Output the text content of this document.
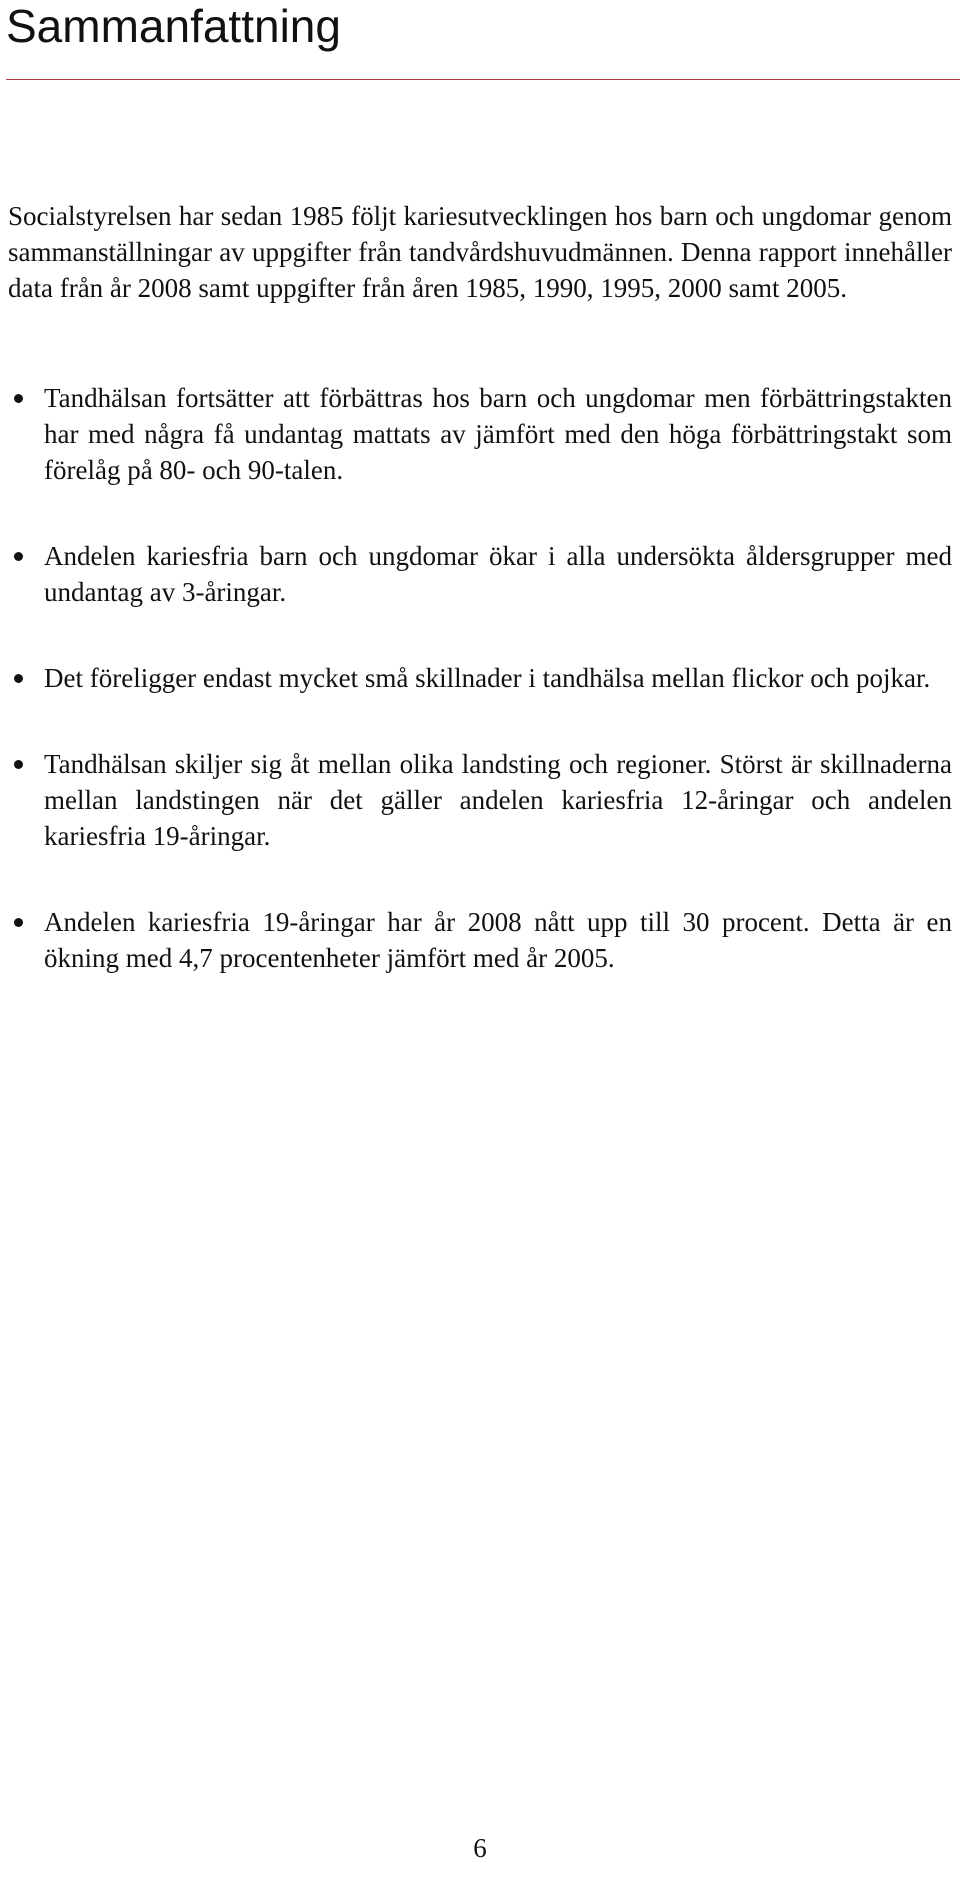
Sammanfattning

Socialstyrelsen har sedan 1985 följt kariesutvecklingen hos barn och ungdomar genom sammanställningar av uppgifter från tandvårdshuvudmännen. Denna rapport innehåller data från år 2008 samt uppgifter från åren 1985, 1990, 1995, 2000 samt 2005.

Tandhälsan fortsätter att förbättras hos barn och ungdomar men förbättringstakten har med några få undantag mattats av jämfört med den höga förbättringstakt som förelåg på 80- och 90-talen.
Andelen kariesfria barn och ungdomar ökar i alla undersökta åldersgrupper med undantag av 3-åringar.
Det föreligger endast mycket små skillnader i tandhälsa mellan flickor och pojkar.
Tandhälsan skiljer sig åt mellan olika landsting och regioner. Störst är skillnaderna mellan landstingen när det gäller andelen kariesfria 12-åringar och andelen kariesfria 19-åringar.
Andelen kariesfria 19-åringar har år 2008 nått upp till 30 procent. Detta är en ökning med 4,7 procentenheter jämfört med år 2005.
6
